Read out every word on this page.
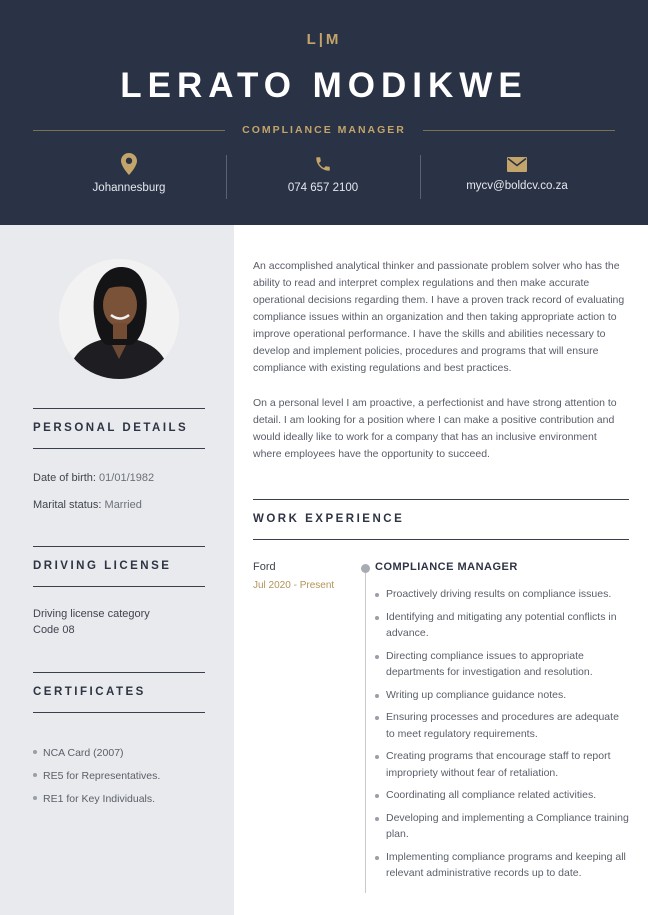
L|M
LERATO MODIKWE
COMPLIANCE MANAGER
Johannesburg	074 657 2100	mycv@boldcv.co.za
PERSONAL DETAILS
Date of birth: 01/01/1982
Marital status: Married
DRIVING LICENSE
Driving license category
Code 08
CERTIFICATES
NCA Card (2007)
RE5 for Representatives.
RE1 for Key Individuals.
An accomplished analytical thinker and passionate problem solver who has the ability to read and interpret complex regulations and then make accurate operational decisions regarding them. I have a proven track record of evaluating compliance issues within an organization and then taking appropriate action to improve operational performance. I have the skills and abilities necessary to develop and implement policies, procedures and programs that will ensure compliance with existing regulations and best practices.
On a personal level I am proactive, a perfectionist and have strong attention to detail. I am looking for a position where I can make a positive contribution and would ideally like to work for a company that has an inclusive environment where employees have the opportunity to succeed.
WORK EXPERIENCE
Ford
Jul 2020 - Present
COMPLIANCE MANAGER
Proactively driving results on compliance issues.
Identifying and mitigating any potential conflicts in advance.
Directing compliance issues to appropriate departments for investigation and resolution.
Writing up compliance guidance notes.
Ensuring processes and procedures are adequate to meet regulatory requirements.
Creating programs that encourage staff to report impropriety without fear of retaliation.
Coordinating all compliance related activities.
Developing and implementing a Compliance training plan.
Implementing compliance programs and keeping all relevant administrative records up to date.
